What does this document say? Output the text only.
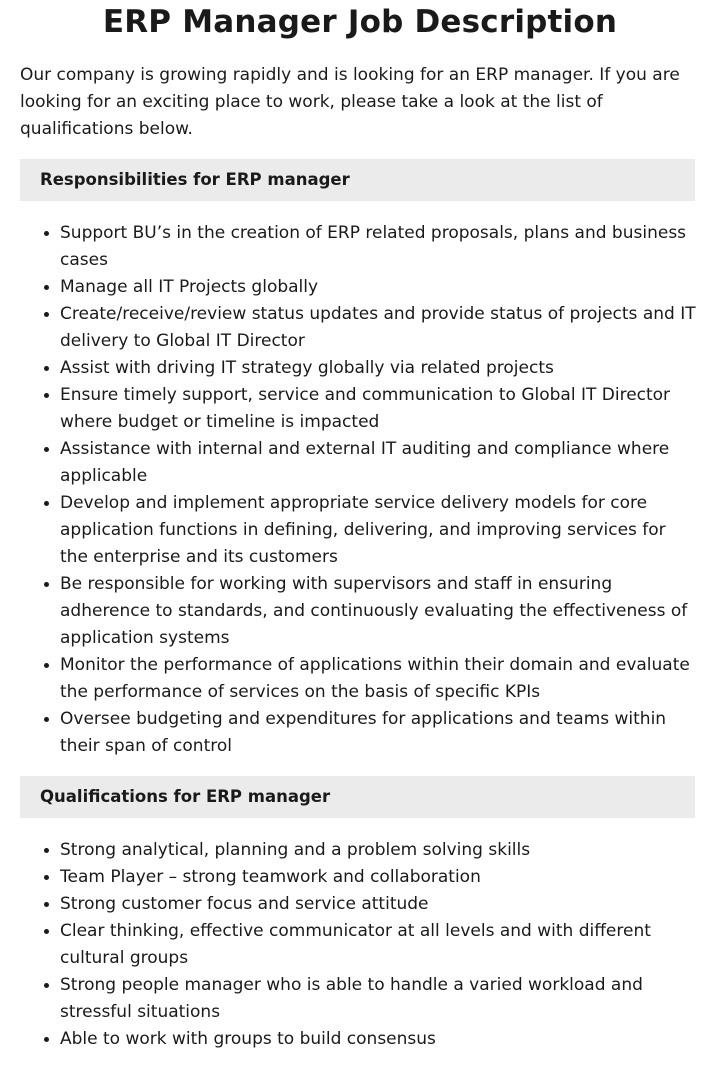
ERP Manager Job Description

Our company is growing rapidly and is looking for an ERP manager. If you are looking for an exciting place to work, please take a look at the list of qualifications below.

Responsibilities for ERP manager
• Support BU’s in the creation of ERP related proposals, plans and business cases
• Manage all IT Projects globally
• Create/receive/review status updates and provide status of projects and IT delivery to Global IT Director
• Assist with driving IT strategy globally via related projects
• Ensure timely support, service and communication to Global IT Director where budget or timeline is impacted
• Assistance with internal and external IT auditing and compliance where applicable
• Develop and implement appropriate service delivery models for core application functions in defining, delivering, and improving services for the enterprise and its customers
• Be responsible for working with supervisors and staff in ensuring adherence to standards, and continuously evaluating the effectiveness of application systems
• Monitor the performance of applications within their domain and evaluate the performance of services on the basis of specific KPIs
• Oversee budgeting and expenditures for applications and teams within their span of control
Qualifications for ERP manager
• Strong analytical, planning and a problem solving skills
• Team Player – strong teamwork and collaboration
• Strong customer focus and service attitude
• Clear thinking, effective communicator at all levels and with different cultural groups
• Strong people manager who is able to handle a varied workload and stressful situations
• Able to work with groups to build consensus
